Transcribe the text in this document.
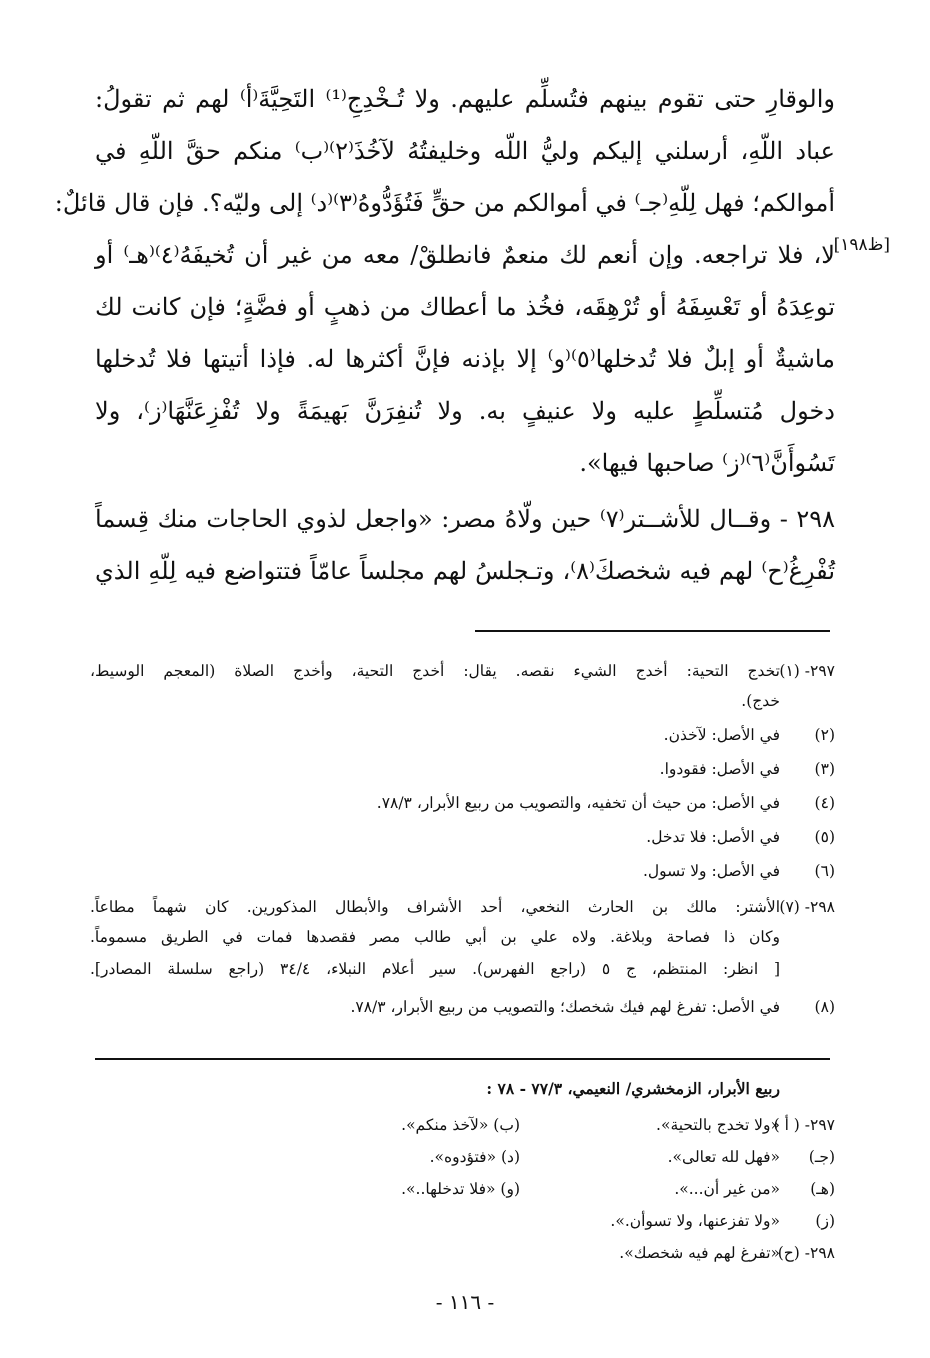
[ظ١٩٨]
والوقارِ حتى تقوم بينهم فتُسلِّم عليهم. ولا تُـخْدِجِ⁽¹⁾ التَحِيَّةَ⁽أ⁾ لهم ثم تقولُ:
عباد اللّهِ، أرسلني إليكم وليُّ اللّه وخليفتُهُ لآخُذَ⁽٢⁾⁽ب⁾ منكم حقَّ اللّهِ في
أموالكم؛ فهل لِلّهِ⁽جـ⁾ في أموالكم من حقٍّ فَتُؤَدُّوهُ⁽٣⁾⁽د⁾ إلى وليّه؟. فإن قال قائلٌ:
لا، فلا تراجعه. وإن أنعم لك منعمٌ فانطلقْ/ معه من غير أن تُخيفَهُ⁽٤⁾⁽هـ⁾ أو
توعِدَهُ أو تَعْسِفَهُ أو تُرْهِقَه، فخُذ ما أعطاك من ذهبٍ أو فضَّةٍ؛ فإن كانت لك
ماشيةٌ أو إبلٌ فلا تُدخلها⁽٥⁾⁽و⁾ إلا بإذنه فإنَّ أكثرها له. فإذا أتيتها فلا تُدخلها
دخول مُتسلِّطٍ عليه ولا عنيفٍ به. ولا تُنفِرَنَّ بَهيمَةً ولا تُفْزِعَنَّهَا⁽ز⁾، ولا
تَسُوأَنَّ⁽٦⁾⁽ز⁾ صاحبها فيها».
٢٩٨ - وقــال للأشــتر⁽٧⁾ حين ولّاهُ مصر: «واجعل لذوي الحاجات منك قِسماً
تُفْرِغُ⁽ح⁾ لهم فيه شخصكَ⁽٨⁾، وتـجلسُ لهم مجلساً عامّاً فتتواضع فيه لِلّهِ الذي
٢٩٧- (١)
تخدج التحية: أخدج الشيء نقصه. يقال: أخدج التحية، وأخدج الصلاة (المعجم الوسيط،
خدج).
(٢)
في الأصل: لآخذن.
(٣)
في الأصل: فقودوا.
(٤)
في الأصل: من حيث أن تخفيه، والتصويب من ربيع الأبرار، ٧٨/٣.
(٥)
في الأصل: فلا تدخل.
(٦)
في الأصل: ولا تسول.
٢٩٨- (٧)
الأشتر: مالك بن الحارث النخعي، أحد الأشراف والأبطال المذكورين. كان شهماً مطاعاً.
وكان ذا فصاحة وبلاغة. ولاه علي بن أبي طالب مصر فقصدها فمات في الطريق مسموماً.
[ انظر: المنتظم، ج ٥ (راجع الفهرس). سير أعلام النبلاء، ٣٤/٤ (راجع سلسلة المصادر].
(٨)
في الأصل: تفرغ لهم فيك شخصك؛ والتصويب من ربيع الأبرار، ٧٨/٣.
ربيع الأبرار، الزمخشري/ النعيمي، ٧٧/٣ - ٧٨ :
٢٩٧- ( أ )
«ولا تخدج بالتحية».
(ب) «لآخذ منكم».
(جـ)
«فهل لله تعالى».
(د) «فتؤدوه».
(هـ)
«من غير أن...».
(و) «فلا تدخلها..».
(ز)
«ولا تفزعنها، ولا تسوأن.».
٢٩٨- (ح)
«تفرغ لهم فيه شخصك».
- ١١٦ -
